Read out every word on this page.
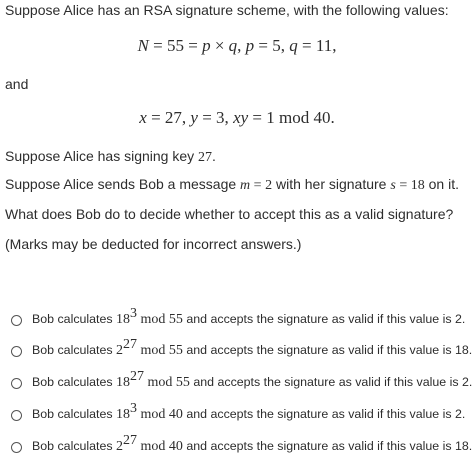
Suppose Alice has an RSA signature scheme, with the following values:
N = 55 = p × q, p = 5, q = 11,
and
x = 27, y = 3, xy = 1 mod 40.
Suppose Alice has signing key 27.
Suppose Alice sends Bob a message m = 2 with her signature s = 18 on it.
What does Bob do to decide whether to accept this as a valid signature?
(Marks may be deducted for incorrect answers.)
Bob calculates $18^3$ mod 55 and accepts the signature as valid if this value is 2.
Bob calculates $2^{27}$ mod 55 and accepts the signature as valid if this value is 18.
Bob calculates $18^{27}$ mod 55 and accepts the signature as valid if this value is 2.
Bob calculates $18^3$ mod 40 and accepts the signature as valid if this value is 2.
Bob calculates $2^{27}$ mod 40 and accepts the signature as valid if this value is 18.
